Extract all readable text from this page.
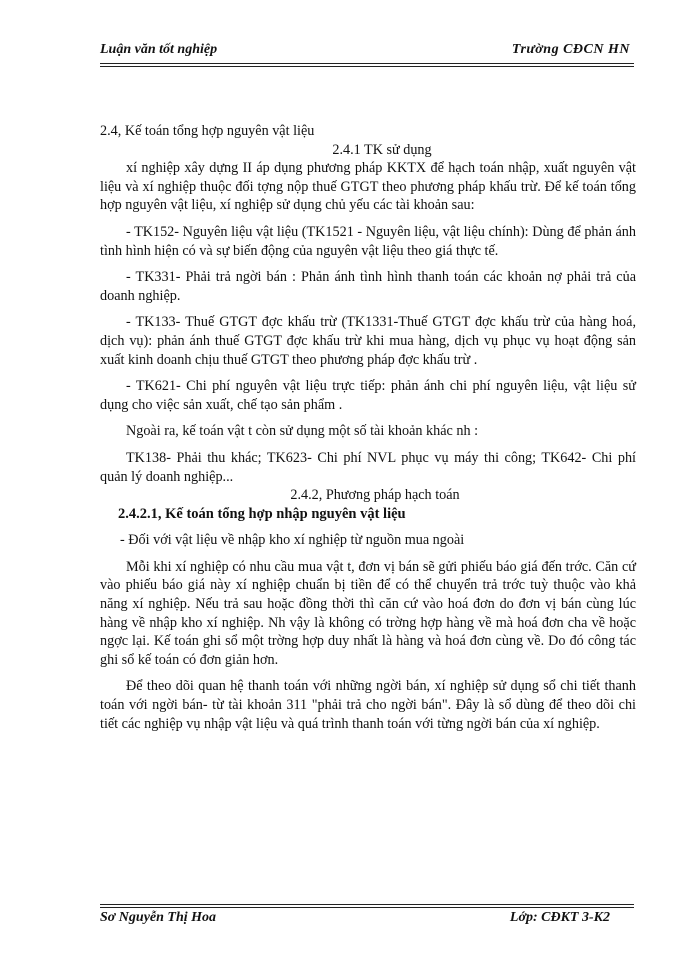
Luận văn tốt nghiệp	Trường CĐCN HN

2.4, Kế toán tổng hợp nguyên vật liệu

2.4.1 TK sử dụng

xí nghiệp xây dựng II áp dụng phương pháp KKTX để hạch toán nhập, xuất nguyên vật liệu và xí nghiệp thuộc đối tợng nộp thuế GTGT theo phương pháp khấu trừ. Để kế toán tổng hợp nguyên vật liệu, xí nghiệp sử dụng chủ yếu các tài khoản sau:

- TK152- Nguyên liệu vật liệu (TK1521 - Nguyên liệu, vật liệu chính): Dùng để phản ánh tình hình hiện có và sự biến động của nguyên vật liệu theo giá thực tế.

- TK331- Phải trả ngời bán : Phản ánh tình hình thanh toán các khoản nợ phải trả của doanh nghiệp.

- TK133- Thuế GTGT đợc khấu trừ (TK1331-Thuế GTGT đợc khấu trừ của hàng hoá, dịch vụ): phản ánh thuế GTGT đợc khấu trừ khi mua hàng, dịch vụ phục vụ hoạt động sản xuất kinh doanh chịu thuế GTGT theo phương pháp đợc khấu trừ .

- TK621- Chi phí nguyên vật liệu trực tiếp: phản ánh chi phí nguyên liệu, vật liệu sử dụng cho việc sản xuất, chế tạo sản phẩm .

Ngoài ra, kế toán vật t còn sử dụng một số tài khoản khác nh :

TK138- Phải thu khác; TK623- Chi phí NVL phục vụ máy thi công; TK642- Chi phí quản lý doanh nghiệp...

2.4.2, Phương pháp hạch toán

2.4.2.1, Kế toán tổng hợp nhập nguyên vật liệu

- Đối với vật liệu về nhập kho xí nghiệp từ nguồn mua ngoài

Mỗi khi xí nghiệp có nhu cầu mua vật t, đơn vị bán sẽ gửi phiếu báo giá đến trớc. Căn cứ vào phiếu báo giá này xí nghiệp chuẩn bị tiền để có thể chuyển trả trớc tuỳ thuộc vào khả năng xí nghiệp. Nếu trả sau hoặc đồng thời thì căn cứ vào hoá đơn do đơn vị bán cùng lúc hàng về nhập kho xí nghiệp. Nh vậy là không có trờng hợp hàng về mà hoá đơn cha về hoặc ngợc lại. Kế toán ghi sổ một trờng hợp duy nhất là hàng và hoá đơn cùng về. Do đó công tác ghi sổ kế toán có đơn giản hơn.

Để theo dõi quan hệ thanh toán với những ngời bán, xí nghiệp sử dụng sổ chi tiết thanh toán với ngời bán- từ tài khoản 311 "phải trả cho ngời bán". Đây là sổ dùng để theo dõi chi tiết các nghiệp vụ nhập vật liệu và quá trình thanh toán với từng ngời bán của xí nghiệp.

Sơ Nguyễn Thị Hoa	Lớp: CĐKT 3-K2
